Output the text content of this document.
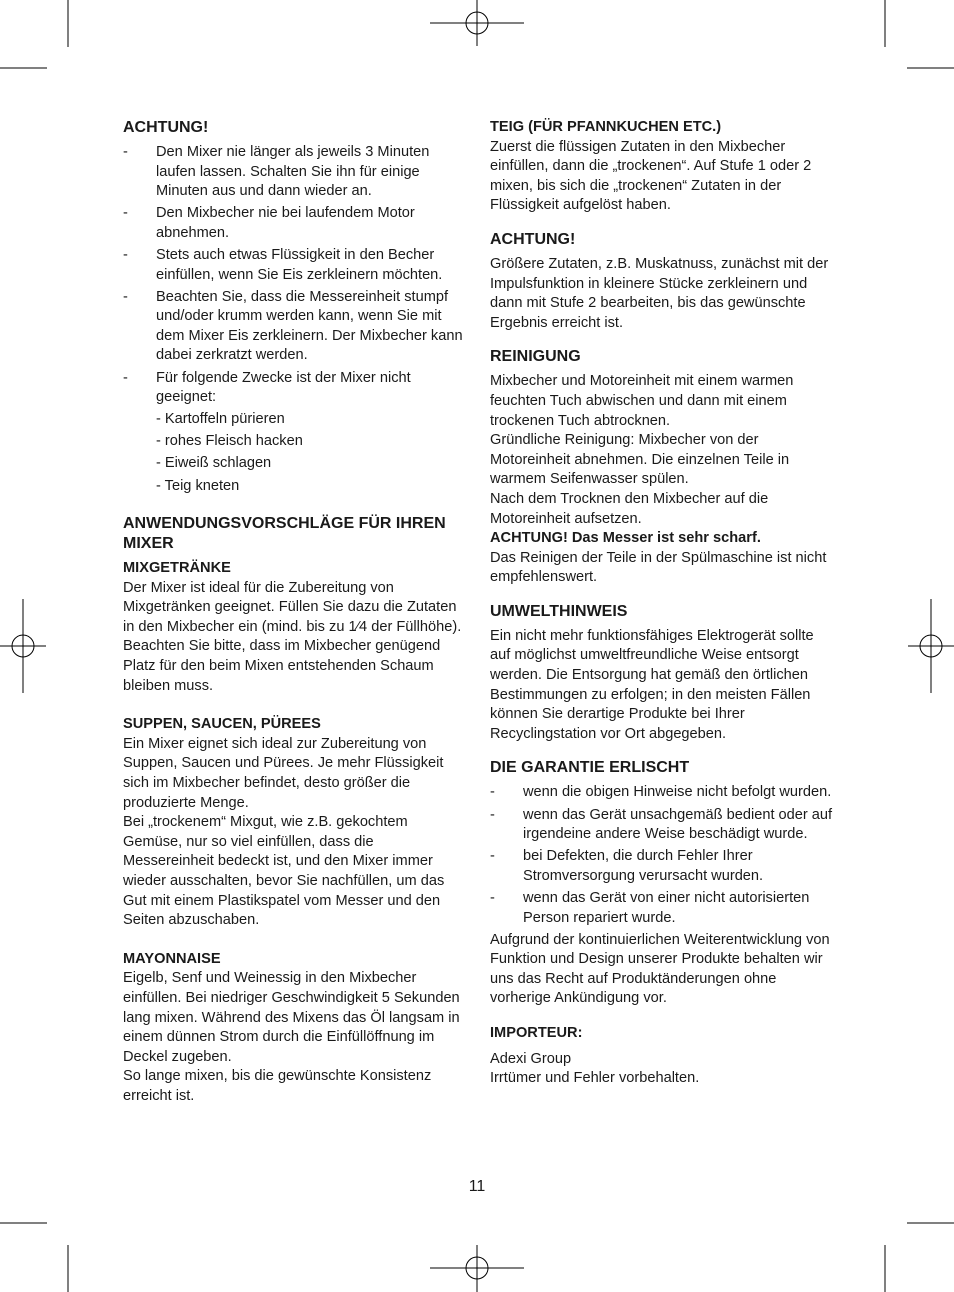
ACHTUNG!
- Den Mixer nie länger als jeweils 3 Minuten laufen lassen. Schalten Sie ihn für einige Minuten aus und dann wieder an.
- Den Mixbecher nie bei laufendem Motor abnehmen.
- Stets auch etwas Flüssigkeit in den Becher einfüllen, wenn Sie Eis zerkleinern möchten.
- Beachten Sie, dass die Messereinheit stumpf und/oder krumm werden kann, wenn Sie mit dem Mixer Eis zerkleinern. Der Mixbecher kann dabei zerkratzt werden.
- Für folgende Zwecke ist der Mixer nicht geeignet:
- Kartoffeln pürieren
- rohes Fleisch hacken
- Eiweiß schlagen
- Teig kneten
ANWENDUNGSVORSCHLÄGE FÜR IHREN MIXER
MIXGETRÄNKE

Der Mixer ist ideal für die Zubereitung von Mixgetränken geeignet. Füllen Sie dazu die Zutaten in den Mixbecher ein (mind. bis zu 1⁄4 der Füllhöhe). Beachten Sie bitte, dass im Mixbecher genügend Platz für den beim Mixen entstehenden Schaum bleiben muss.

SUPPEN, SAUCEN, PÜREES

Ein Mixer eignet sich ideal zur Zubereitung von Suppen, Saucen und Pürees. Je mehr Flüssigkeit sich im Mixbecher befindet, desto größer die produzierte Menge.

Bei „trockenem“ Mixgut, wie z.B. gekochtem Gemüse, nur so viel einfüllen, dass die Messereinheit bedeckt ist, und den Mixer immer wieder ausschalten, bevor Sie nachfüllen, um das Gut mit einem Plastikspatel vom Messer und den Seiten abzuschaben.

MAYONNAISE

Eigelb, Senf und Weinessig in den Mixbecher einfüllen. Bei niedriger Geschwindigkeit 5 Sekunden lang mixen. Während des Mixens das Öl langsam in einem dünnen Strom durch die Einfüllöffnung im Deckel zugeben.

So lange mixen, bis die gewünschte Konsistenz erreicht ist.

TEIG (FÜR PFANNKUCHEN ETC.)

Zuerst die flüssigen Zutaten in den Mixbecher einfüllen, dann die „trockenen“. Auf Stufe 1 oder 2 mixen, bis sich die „trockenen“ Zutaten in der Flüssigkeit aufgelöst haben.

ACHTUNG!

Größere Zutaten, z.B. Muskatnuss, zunächst mit der Impulsfunktion in kleinere Stücke zerkleinern und dann mit Stufe 2 bearbeiten, bis das gewünschte Ergebnis erreicht ist.

REINIGUNG

Mixbecher und Motoreinheit mit einem warmen feuchten Tuch abwischen und dann mit einem trockenen Tuch abtrocknen.

Gründliche Reinigung: Mixbecher von der Motoreinheit abnehmen. Die einzelnen Teile in warmem Seifenwasser spülen.

Nach dem Trocknen den Mixbecher auf die Motoreinheit aufsetzen.

ACHTUNG! Das Messer ist sehr scharf.

Das Reinigen der Teile in der Spülmaschine ist nicht empfehlenswert.

UMWELTHINWEIS

Ein nicht mehr funktionsfähiges Elektrogerät sollte auf möglichst umweltfreundliche Weise entsorgt werden. Die Entsorgung hat gemäß den örtlichen Bestimmungen zu erfolgen; in den meisten Fällen können Sie derartige Produkte bei Ihrer Recyclingstation vor Ort abgegeben.

DIE GARANTIE ERLISCHT
- wenn die obigen Hinweise nicht befolgt wurden.
- wenn das Gerät unsachgemäß bedient oder auf irgendeine andere Weise beschädigt wurde.
- bei Defekten, die durch Fehler Ihrer Stromversorgung verursacht wurden.
- wenn das Gerät von einer nicht autorisierten Person repariert wurde.

Aufgrund der kontinuierlichen Weiterentwicklung von Funktion und Design unserer Produkte behalten wir uns das Recht auf Produktänderungen ohne vorherige Ankündigung vor.

IMPORTEUR:

Adexi Group

Irrtümer und Fehler vorbehalten.

11
